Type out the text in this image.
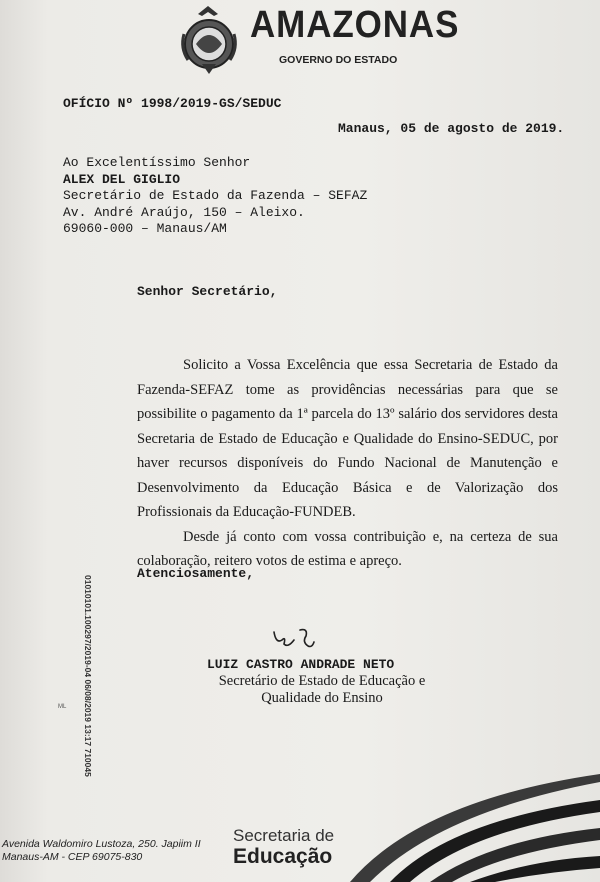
AMAZONAS
GOVERNO DO ESTADO
OFÍCIO Nº 1998/2019-GS/SEDUC
Manaus, 05 de agosto de 2019.
Ao Excelentíssimo Senhor
ALEX DEL GIGLIO
Secretário de Estado da Fazenda – SEFAZ
Av. André Araújo, 150 – Aleixo.
69060-000 – Manaus/AM
Senhor Secretário,

Solicito a Vossa Excelência que essa Secretaria de Estado da Fazenda-SEFAZ tome as providências necessárias para que se possibilite o pagamento da 1ª parcela do 13º salário dos servidores desta Secretaria de Estado de Educação e Qualidade do Ensino-SEDUC, por haver recursos disponíveis do Fundo Nacional de Manutenção e Desenvolvimento da Educação Básica e de Valorização dos Profissionais da Educação-FUNDEB.

Desde já conto com vossa contribuição e, na certeza de sua colaboração, reitero votos de estima e apreço.

Atenciosamente,
LUIZ CASTRO ANDRADE NETO
Secretário de Estado de Educação e
Qualidade do Ensino
01010101.100297/2019-04 06/08/2019 13:17 710045
ML
Avenida Waldomiro Lustoza, 250. Japiim II
Manaus-AM - CEP 69075-830
Secretaria de
Educação
